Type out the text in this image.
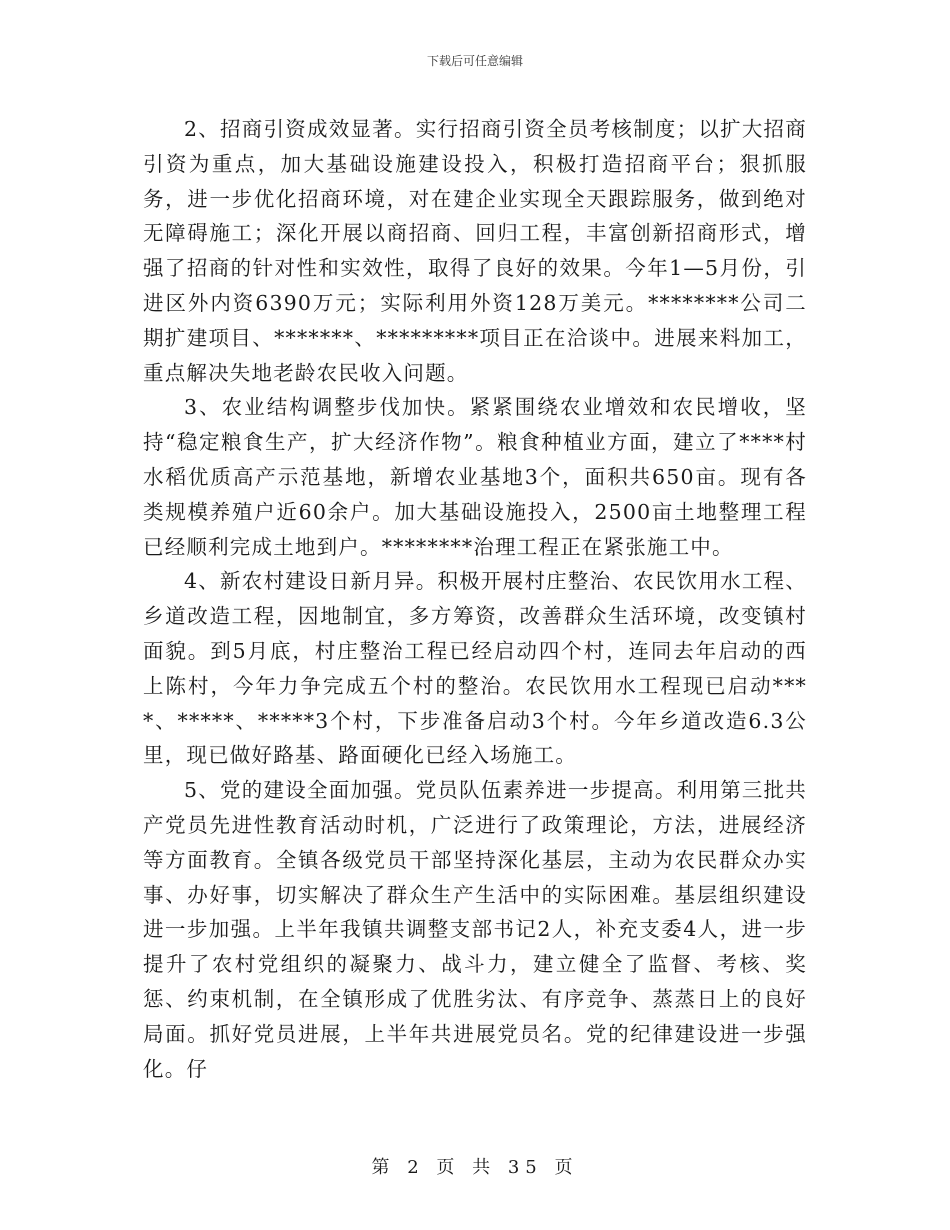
下载后可任意编辑

2、招商引资成效显著。实行招商引资全员考核制度；以扩大招商引资为重点，加大基础设施建设投入，积极打造招商平台；狠抓服务，进一步优化招商环境，对在建企业实现全天跟踪服务，做到绝对无障碍施工；深化开展以商招商、回归工程，丰富创新招商形式，增强了招商的针对性和实效性，取得了良好的效果。今年1—5月份，引进区外内资6390万元；实际利用外资128万美元。********公司二期扩建项目、*******、*********项目正在洽谈中。进展来料加工，重点解决失地老龄农民收入问题。

3、农业结构调整步伐加快。紧紧围绕农业增效和农民增收，坚持“稳定粮食生产，扩大经济作物”。粮食种植业方面，建立了****村水稻优质高产示范基地，新增农业基地3个，面积共650亩。现有各类规模养殖户近60余户。加大基础设施投入，2500亩土地整理工程已经顺利完成土地到户。********治理工程正在紧张施工中。

4、新农村建设日新月异。积极开展村庄整治、农民饮用水工程、乡道改造工程，因地制宜，多方筹资，改善群众生活环境，改变镇村面貌。到5月底，村庄整治工程已经启动四个村，连同去年启动的西上陈村，今年力争完成五个村的整治。农民饮用水工程现已启动****、*****、*****3个村，下步准备启动3个村。今年乡道改造6.3公里，现已做好路基、路面硬化已经入场施工。

5、党的建设全面加强。党员队伍素养进一步提高。利用第三批共产党员先进性教育活动时机，广泛进行了政策理论，方法，进展经济等方面教育。全镇各级党员干部坚持深化基层，主动为农民群众办实事、办好事，切实解决了群众生产生活中的实际困难。基层组织建设进一步加强。上半年我镇共调整支部书记2人，补充支委4人，进一步提升了农村党组织的凝聚力、战斗力，建立健全了监督、考核、奖惩、约束机制，在全镇形成了优胜劣汰、有序竞争、蒸蒸日上的良好局面。抓好党员进展，上半年共进展党员名。党的纪律建设进一步强化。仔

第 2 页 共 35 页
